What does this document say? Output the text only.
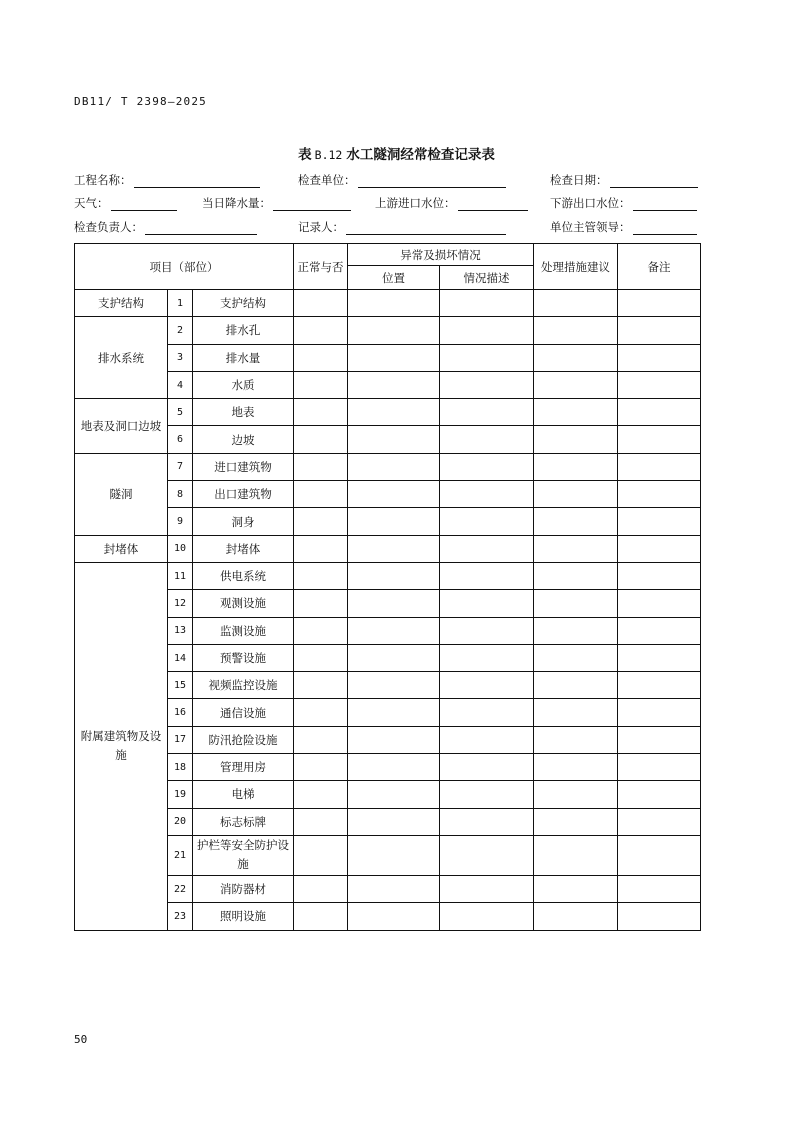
DB11/ T 2398—2025
表 B.12 水工隧洞经常检查记录表
工程名称：	检查单位：	检查日期：
天气：	当日降水量：	上游进口水位：	下游出口水位：
检查负责人：	记录人：	单位主管领导：
项目（部位）			正常与否	异常及损坏情况		处理措施建议	备注
				位置	情况描述		
支护结构	1	支护结构					
排水系统	2	排水孔					
	3	排水量					
	4	水质					
地表及洞口边坡	5	地表					
	6	边坡					
隧洞	7	进口建筑物					
	8	出口建筑物					
	9	洞身					
封堵体	10	封堵体					
附属建筑物及设施	11	供电系统					
	12	观测设施					
	13	监测设施					
	14	预警设施					
	15	视频监控设施					
	16	通信设施					
	17	防汛抢险设施					
	18	管理用房					
	19	电梯					
	20	标志标牌					
	21	护栏等安全防护设施					
	22	消防器材					
	23	照明设施					
50
